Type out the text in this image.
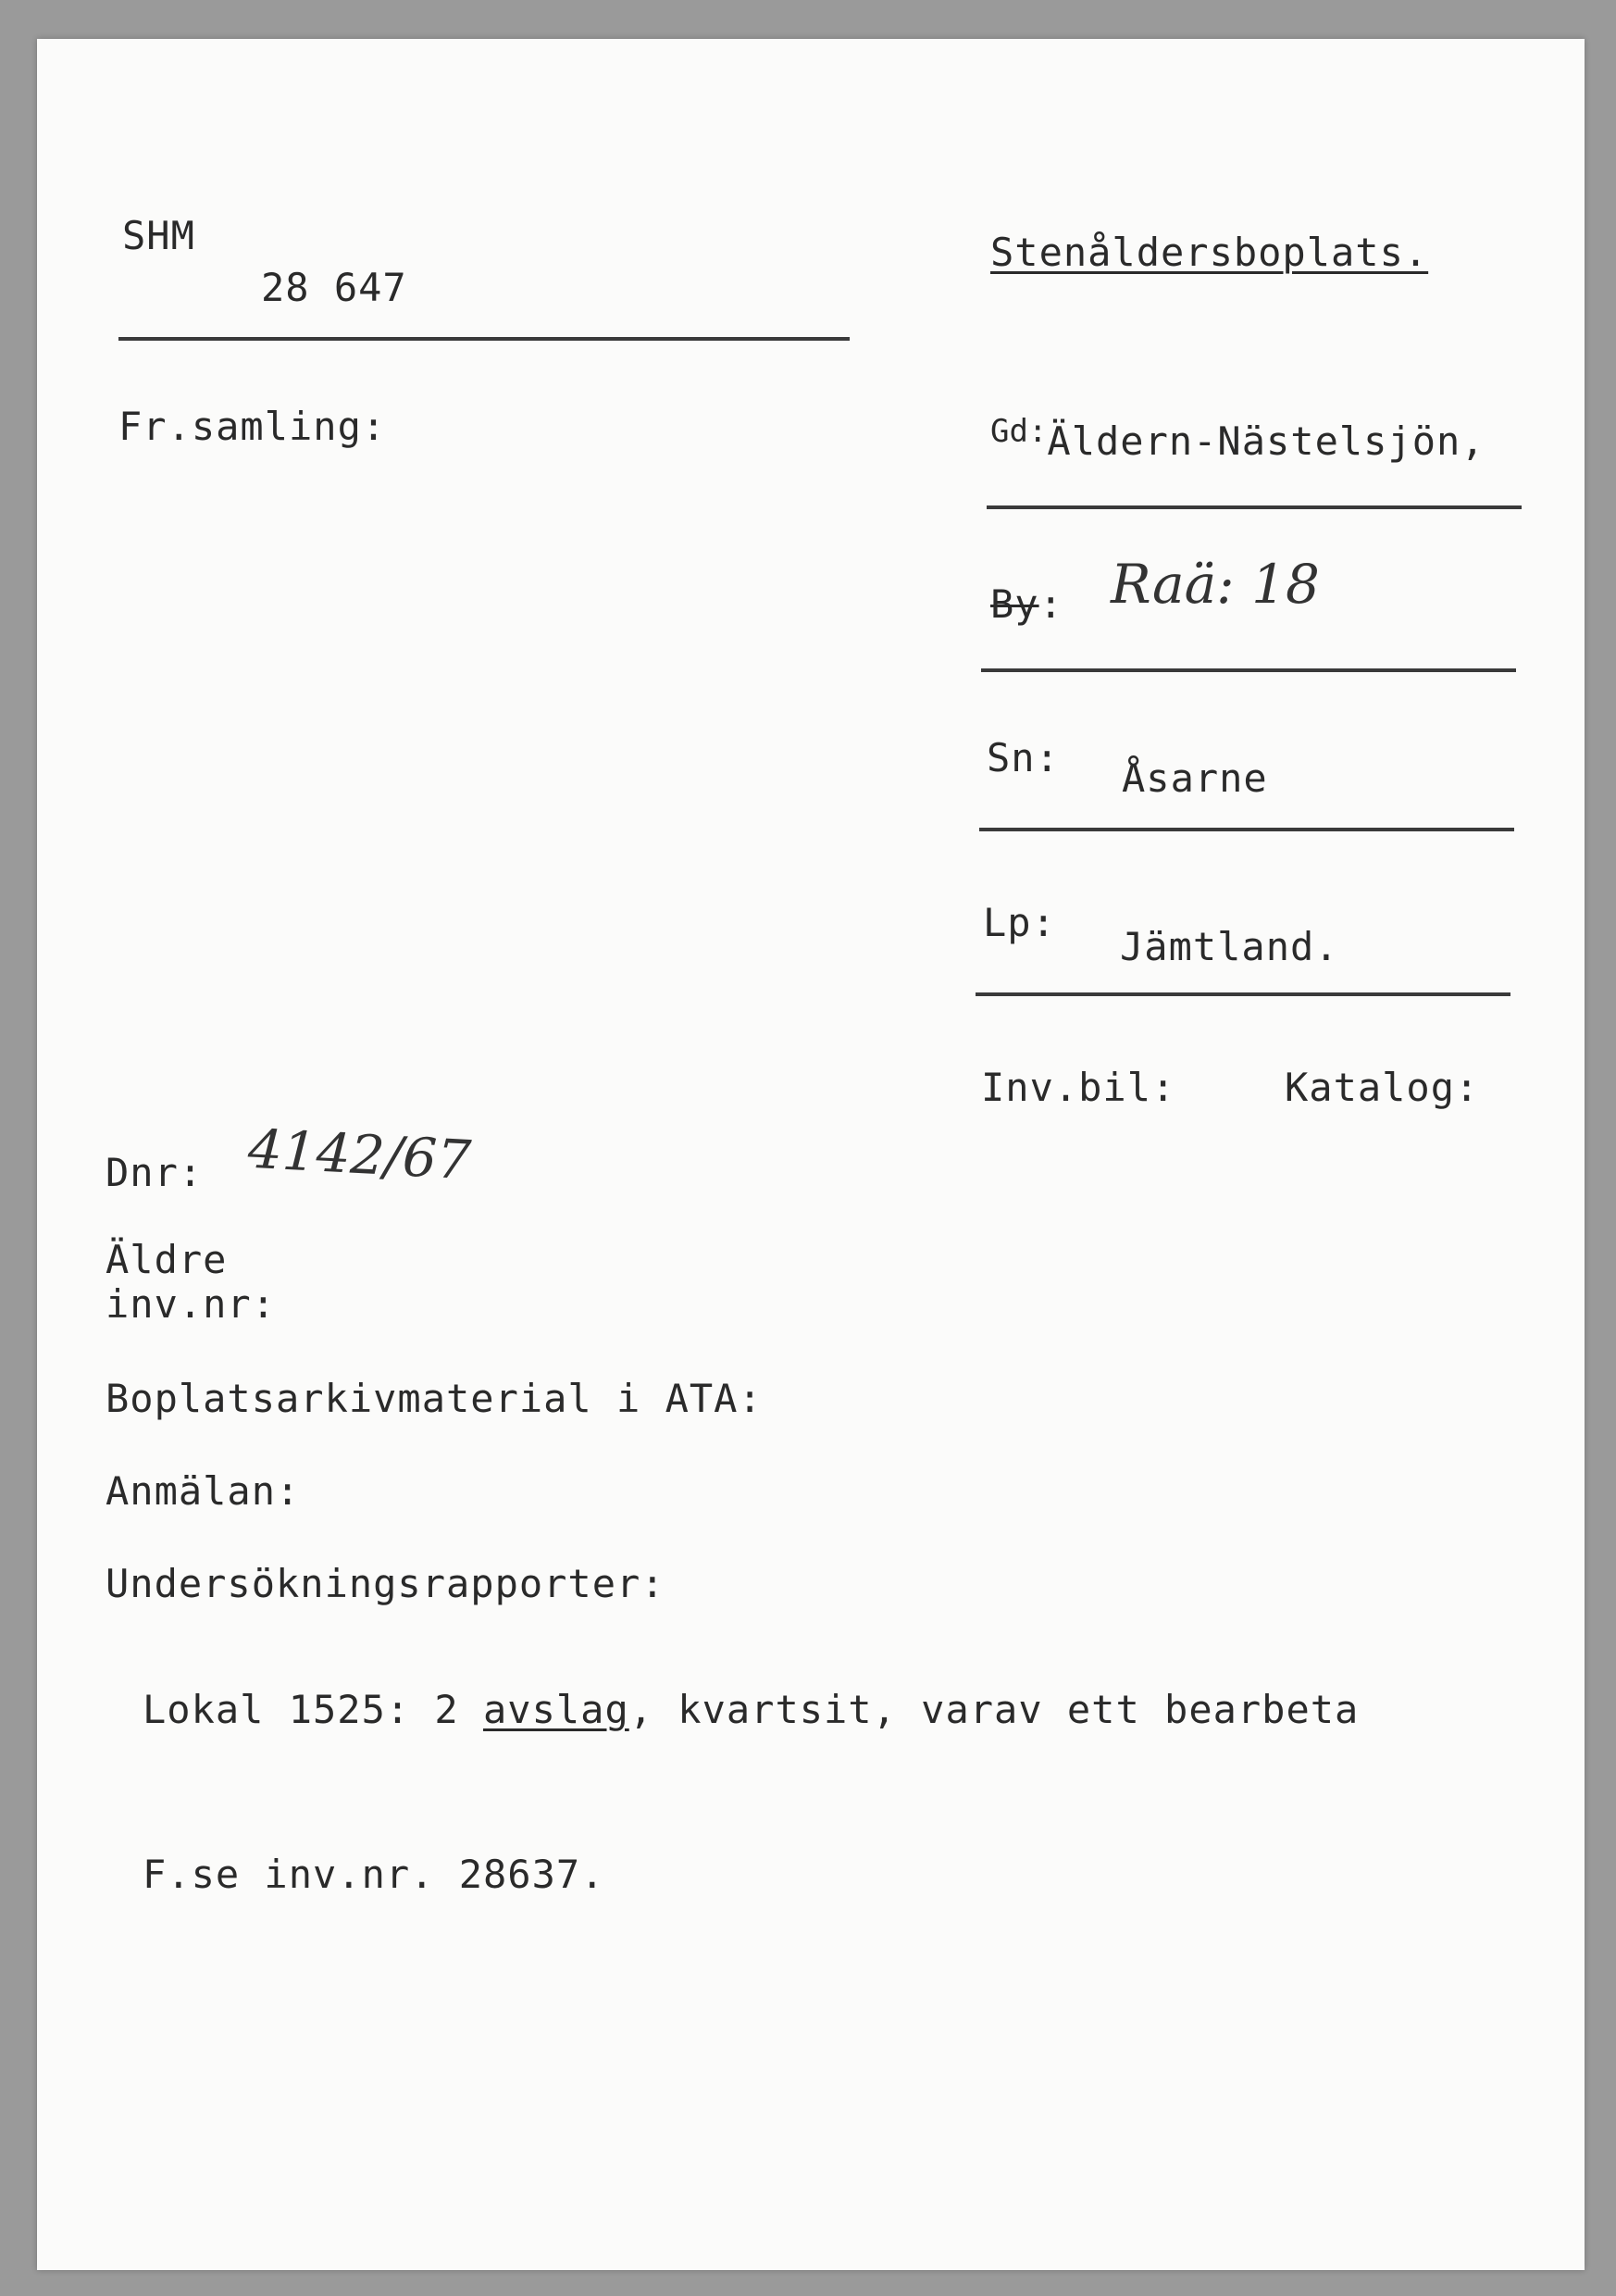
SHM
28 647
Stenåldersboplats.
Fr.samling:	$^{Gd:}$Äldern-Nästelsjön,
By: Raä: 18
Sn: Åsarne
Lp:
Jämtland.
Inv.bil:	Katalog:
Dnr: 4142/67
Äldre
inv.nr:
Boplatsarkivmaterial i ATA:
Anmälan:
Undersökningsrapporter:
Lokal 1525: 2 avslag, kvartsit, varav ett bearbeta
F.se inv.nr. 28637.
